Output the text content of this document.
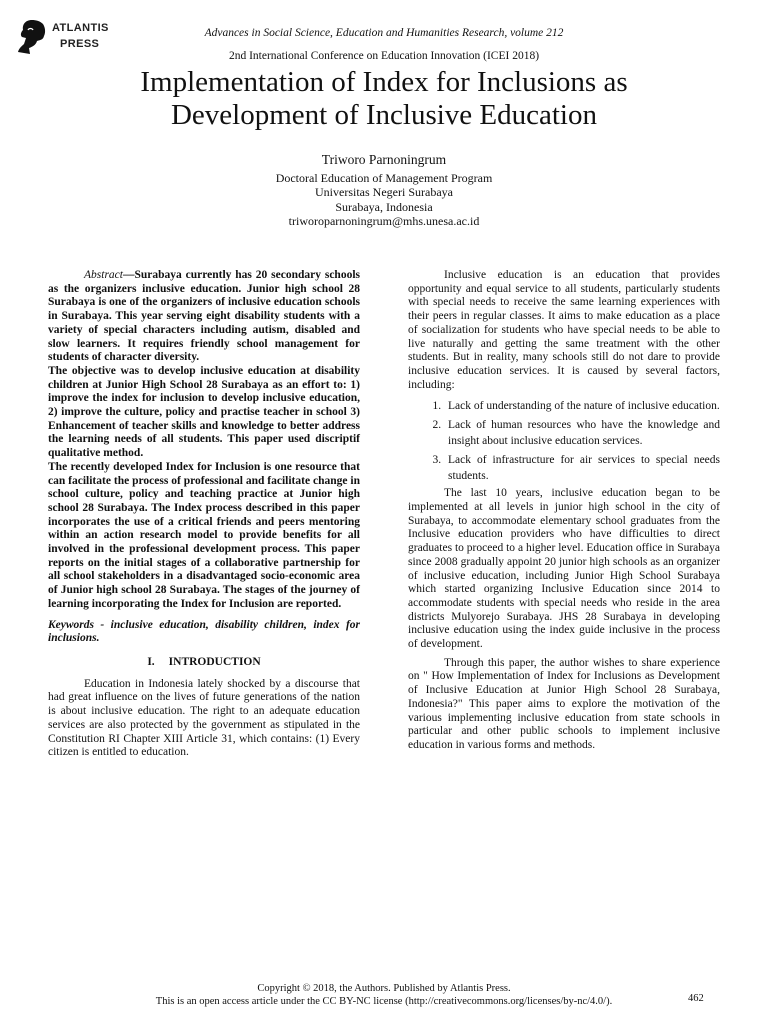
ATLANTIS
PRESS
Advances in Social Science, Education and Humanities Research, volume 212
2nd International Conference on Education Innovation (ICEI 2018)
Implementation of Index for Inclusions as Development of Inclusive Education
Triworo Parnoningrum
Doctoral Education of Management Program
Universitas Negeri Surabaya
Surabaya, Indonesia
triworoparnoningrum@mhs.unesa.ac.id

Abstract—Surabaya currently has 20 secondary schools as the organizers inclusive education. Junior high school 28 Surabaya is one of the organizers of inclusive education schools in Surabaya. This year serving eight disability students with a variety of special characters including autism, disabled and slow learners. It requires friendly school management for students of character diversity.

The objective was to develop inclusive education at disability children at Junior High School 28 Surabaya as an effort to: 1) improve the index for inclusion to develop inclusive education, 2) improve the culture, policy and practise teacher in school 3) Enhancement of teacher skills and knowledge to better address the learning needs of all students. This paper used discriptif qualitative method.

The recently developed Index for Inclusion is one resource that can facilitate the process of professional and facilitate change in school culture, policy and teaching practice at Junior high school 28 Surabaya. The Index process described in this paper incorporates the use of a critical friends and peers mentoring within an action research model to provide benefits for all involved in the professional development process. This paper reports on the initial stages of a collaborative partnership for all school stakeholders in a disadvantaged socio-economic area of Junior high school 28 Surabaya. The stages of the journey of learning incorporating the Index for Inclusion are reported.

Keywords - inclusive education, disability children, index for inclusions.

I. INTRODUCTION

Education in Indonesia lately shocked by a discourse that had great influence on the lives of future generations of the nation is about inclusive education. The right to an adequate education services are also protected by the government as stipulated in the Constitution RI Chapter XIII Article 31, which contains: (1) Every citizen is entitled to education.

Inclusive education is an education that provides opportunity and equal service to all students, particularly students with special needs to receive the same learning experiences with their peers in regular classes. It aims to make education as a place of socialization for students who have special needs to be able to live naturally and getting the same treatment with the other students. But in reality, many schools still do not dare to provide inclusive education services. It is caused by several factors, including:

1. Lack of understanding of the nature of inclusive education.
2. Lack of human resources who have the knowledge and insight about inclusive education services.
3. Lack of infrastructure for air services to special needs students.

The last 10 years, inclusive education began to be implemented at all levels in junior high school in the city of Surabaya, to accommodate elementary school graduates from the Inclusive education providers who have difficulties to direct graduates to proceed to a higher level. Education office in Surabaya since 2008 gradually appoint 20 junior high schools as an organizer of inclusive education, including Junior High School Surabaya which started organizing Inclusive Education since 2014 to accommodate students with special needs who reside in the area districts Mulyorejo Surabaya. JHS 28 Surabaya in developing inclusive education using the index guide inclusive in the process of development.

Through this paper, the author wishes to share experience on " How Implementation of Index for Inclusions as Development of Inclusive Education at Junior High School 28 Surabaya, Indonesia?" This paper aims to explore the motivation of the various implementing inclusive education from state schools in particular and other public schools to implement inclusive education in various forms and methods.

Copyright © 2018, the Authors. Published by Atlantis Press.
This is an open access article under the CC BY-NC license (http://creativecommons.org/licenses/by-nc/4.0/).	462
